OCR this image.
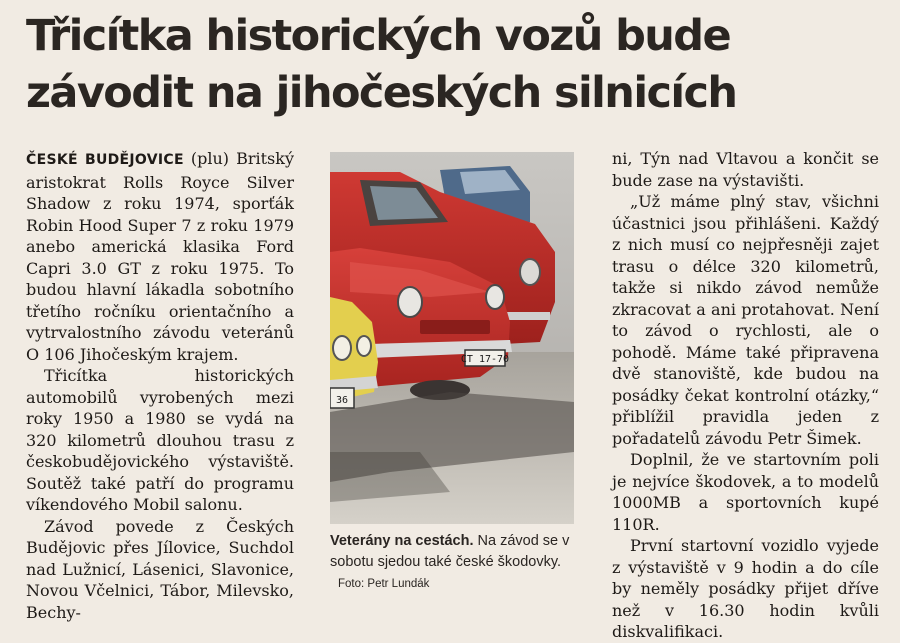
Třicítka historických vozů bude závodit na jihočeských silnicích

ČESKÉ BUDĚJOVICE (plu) Britský aristokrat Rolls Royce Silver Shadow z roku 1974, sporťák Robin Hood Super 7 z roku 1979 anebo americká klasika Ford Capri 3.0 GT z roku 1975. To budou hlavní lákadla sobotního třetího ročníku orientačního a vytrvalostního závodu veteránů O 106 Jihočeským krajem.

Třicítka historických automobilů vyrobených mezi roky 1950 a 1980 se vydá na 320 kilometrů dlouhou trasu z českobudějovického výstaviště. Soutěž také patří do programu víkendového Mobil salonu.

Závod povede z Českých Budějovic přes Jílovice, Suchdol nad Lužnicí, Lásenici, Slavonice, Novou Včelnici, Tábor, Milevsko, Bechy-

CT 17-70
36
Veterány na cestách. Na závod se v sobotu sjedou také české škodovky. Foto: Petr Lundák

ni, Týn nad Vltavou a končit se bude zase na výstavišti.

„Už máme plný stav, všichni účastnici jsou přihlášeni. Každý z nich musí co nejpřesněji zajet trasu o délce 320 kilometrů, takže si nikdo závod nemůže zkracovat a ani protahovat. Není to závod o rychlosti, ale o pohodě. Máme také připravena dvě stanoviště, kde budou na posádky čekat kontrolní otázky,“ přiblížil pravidla jeden z pořadatelů závodu Petr Šimek.

Doplnil, že ve startovním poli je nejvíce škodovek, a to modelů 1000MB a sportovních kupé 110R.

První startovní vozidlo vyjede z výstaviště v 9 hodin a do cíle by neměly posádky přijet dříve než v 16.30 hodin kvůli diskvalifikaci.
